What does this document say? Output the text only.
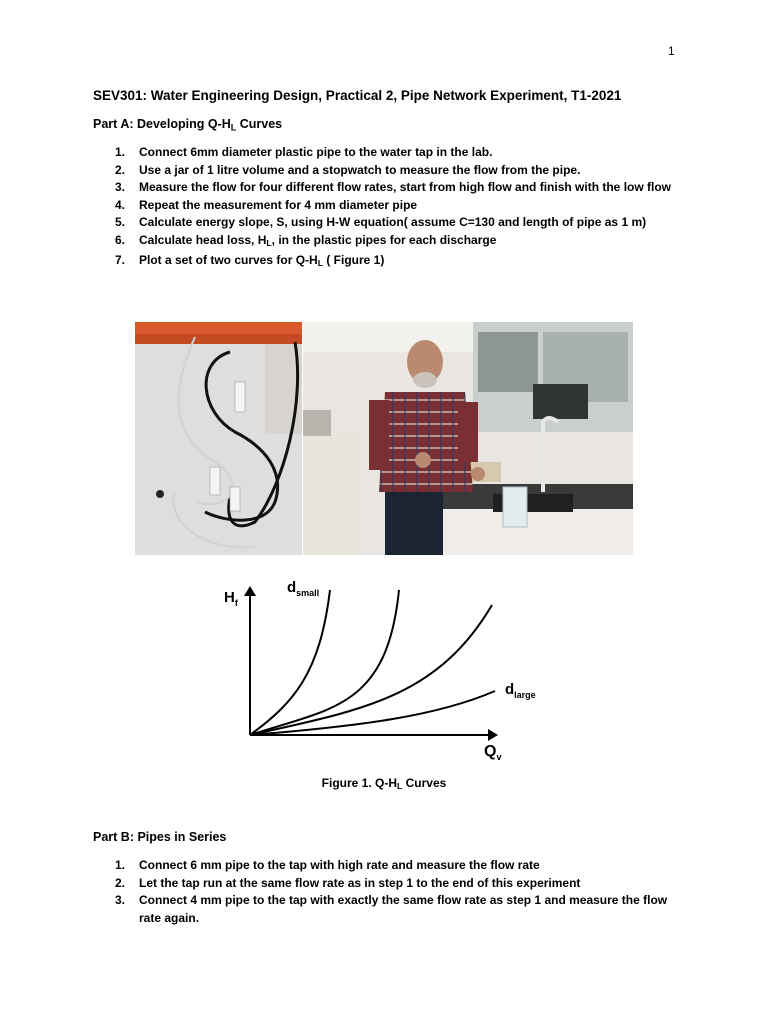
1
SEV301: Water Engineering Design, Practical 2, Pipe Network Experiment, T1-2021
Part A: Developing $Q-H_L$ Curves
1. Connect 6mm diameter plastic pipe to the water tap in the lab.
2. Use a jar of 1 litre volume and a stopwatch to measure the flow from the pipe.
3. Measure the flow for four different flow rates, start from high flow and finish with the low flow
4. Repeat the measurement for 4 mm diameter pipe
5. Calculate energy slope, S, using H-W equation( assume C=130 and length of pipe as 1 m)
6. Calculate head loss, $H_L$, in the plastic pipes for each discharge
7. Plot a set of two curves for $Q-H_L$ ( Figure 1)
$H_f$
$Q_v$
$d_{small}$
$d_{large}$

Figure 1. $Q-H_L$ Curves

Part B: Pipes in Series
1. Connect 6 mm pipe to the tap with high rate and measure the flow rate
2. Let the tap run at the same flow rate as in step 1 to the end of this experiment
3. Connect 4 mm pipe to the tap with exactly the same flow rate as step 1 and measure the flow rate again.
